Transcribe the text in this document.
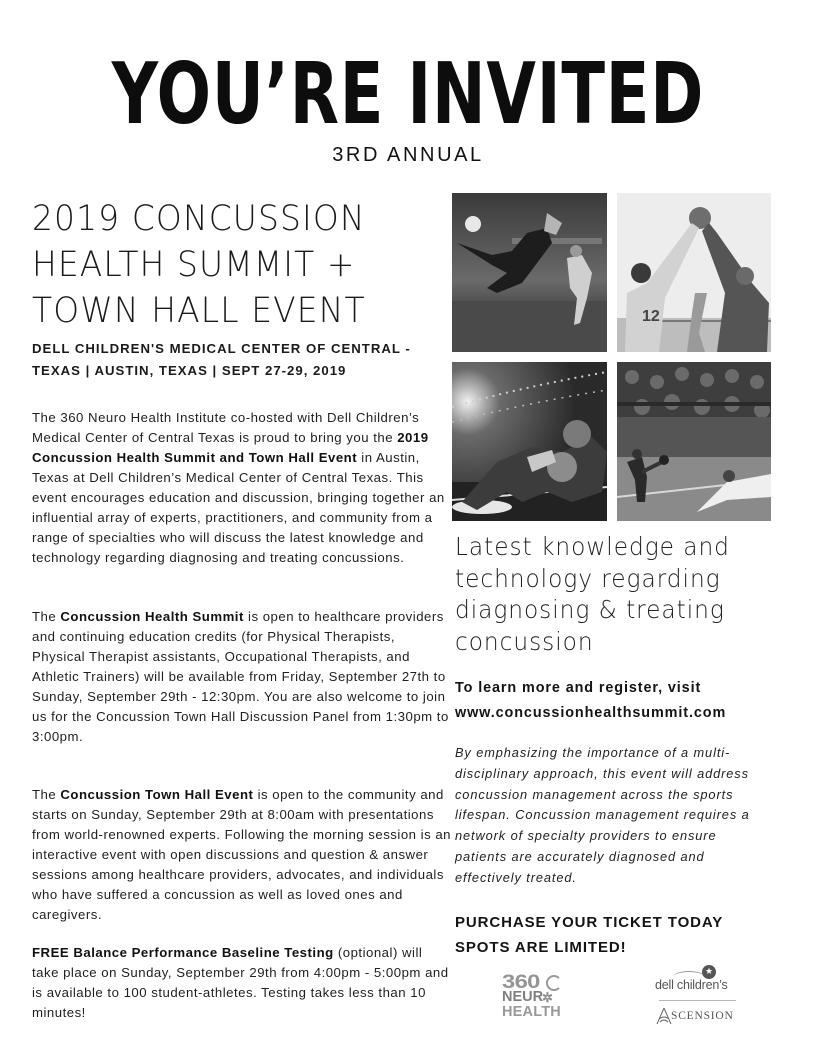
YOU’RE INVITED
3RD ANNUAL
2019 CONCUSSION
HEALTH SUMMIT +
TOWN HALL EVENT
DELL CHILDREN'S MEDICAL CENTER OF CENTRAL -
TEXAS | AUSTIN, TEXAS | SEPT 27-29, 2019

The 360 Neuro Health Institute co-hosted with Dell Children’s Medical Center of Central Texas is proud to bring you the 2019 Concussion Health Summit and Town Hall Event in Austin, Texas at Dell Children’s Medical Center of Central Texas. This event encourages education and discussion, bringing together an influential array of experts, practitioners, and community from a range of specialties who will discuss the latest knowledge and technology regarding diagnosing and treating concussions.

The Concussion Health Summit is open to healthcare providers and continuing education credits (for Physical Therapists, Physical Therapist assistants, Occupational Therapists, and Athletic Trainers) will be available from Friday, September 27th to Sunday, September 29th - 12:30pm. You are also welcome to join us for the Concussion Town Hall Discussion Panel from 1:30pm to 3:00pm.

The Concussion Town Hall Event is open to the community and starts on Sunday, September 29th at 8:00am with presentations from world-renowned experts. Following the morning session is an interactive event with open discussions and question & answer sessions among healthcare providers, advocates, and individuals who have suffered a concussion as well as loved ones and caregivers.

FREE Balance Performance Baseline Testing (optional) will take place on Sunday, September 29th from 4:00pm - 5:00pm and is available to 100 student-athletes. Testing takes less than 10 minutes!

12
Latest knowledge and
technology regarding
diagnosing & treating
concussion
To learn more and register, visit
www.concussionhealthsummit.com
By emphasizing the importance of a multi-
disciplinary approach, this event will address
concussion management across the sports
lifespan. Concussion management requires a
network of specialty providers to ensure
patients are accurately diagnosed and
effectively treated.
PURCHASE YOUR TICKET TODAY
SPOTS ARE LIMITED!
360
NEUR
✲
HEALTH
★
dell children’s
SCENSION
